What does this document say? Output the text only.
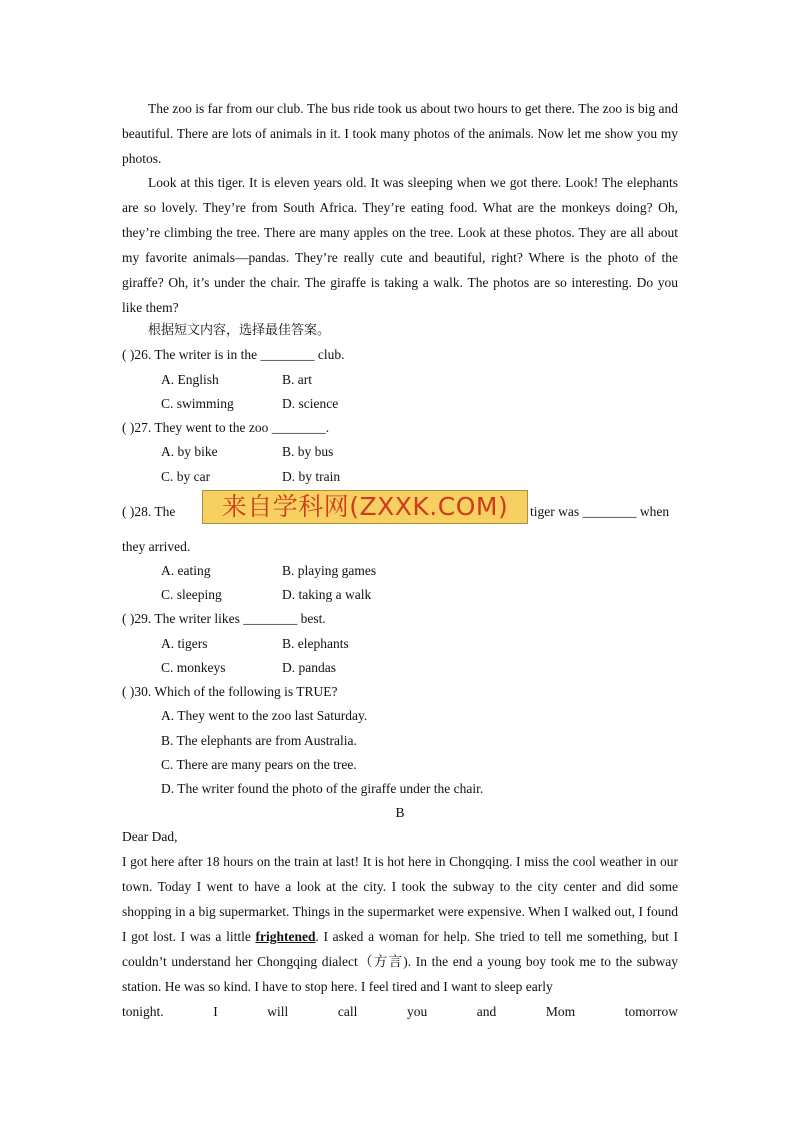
The zoo is far from our club. The bus ride took us about two hours to get there. The zoo is big and beautiful. There are lots of animals in it. I took many photos of the animals. Now let me show you my photos.

Look at this tiger. It is eleven years old. It was sleeping when we got there. Look! The elephants are so lovely. They’re from South Africa. They’re eating food. What are the monkeys doing? Oh, they’re climbing the tree. There are many apples on the tree. Look at these photos. They are all about my favorite animals—pandas. They’re really cute and beautiful, right? Where is the photo of the giraffe? Oh, it’s under the chair. The giraffe is taking a walk. The photos are so interesting. Do you like them?

根据短文内容，选择最佳答案。
( )26. The writer is in the ________ club.
A. English	B. art
C. swimming	D. science
( )27. They went to the zoo ________.
A. by bike	B. by bus
C. by car	D. by train
( )28. The	tiger was ________ when
来自学科网(ZXXK.COM)
they arrived.
A. eating	B. playing games
C. sleeping	D. taking a walk
( )29. The writer likes ________ best.
A. tigers	B. elephants
C. monkeys	D. pandas
( )30. Which of the following is TRUE?
A. They went to the zoo last Saturday.
B. The elephants are from Australia.
C. There are many pears on the tree.
D. The writer found the photo of the giraffe under the chair.
B
Dear Dad,

I got here after 18 hours on the train at last! It is hot here in Chongqing. I miss the cool weather in our town. Today I went to have a look at the city. I took the subway to the city center and did some shopping in a big supermarket. Things in the supermarket were expensive. When I walked out, I found I got lost. I was a little frightened. I asked a woman for help. She tried to tell me something, but I couldn’t understand her Chongqing dialect（方言). In the end a young boy took me to the subway station. He was so kind. I have to stop here. I feel tired and I want to sleep early

tonight.	I	will	call	you	and	Mom	tomorrow
